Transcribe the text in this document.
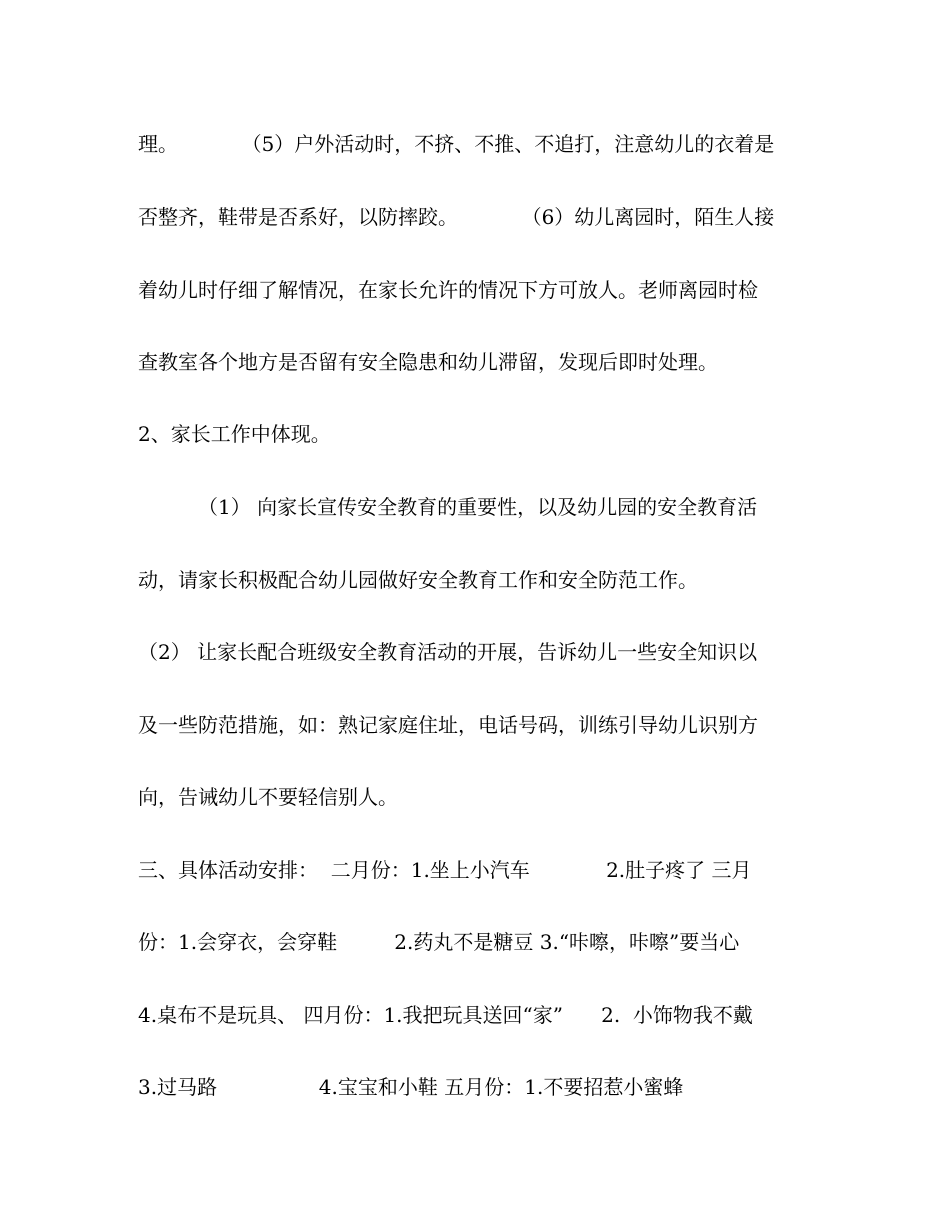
理。          （5）户外活动时，不挤、不推、不追打，注意幼儿的衣着是
否整齐，鞋带是否系好，以防摔跤。          （6）幼儿离园时，陌生人接
着幼儿时仔细了解情况，在家长允许的情况下方可放人。老师离园时检
查教室各个地方是否留有安全隐患和幼儿滞留，发现后即时处理。
2、家长工作中体现。
（1） 向家长宣传安全教育的重要性，以及幼儿园的安全教育活
动，请家长积极配合幼儿园做好安全教育工作和安全防范工作。
（2） 让家长配合班级安全教育活动的开展，告诉幼儿一些安全知识以
及一些防范措施，如：熟记家庭住址，电话号码，训练引导幼儿识别方
向，告诫幼儿不要轻信别人。
三、具体活动安排：  二月份：1.坐上小汽车            2.肚子疼了 三月
份：1.会穿衣，会穿鞋         2.药丸不是糖豆 3.“咔嚓，咔嚓”要当心
4.桌布不是玩具、 四月份：1.我把玩具送回“家”      2.  小饰物我不戴
3.过马路                4.宝宝和小鞋 五月份：1.不要招惹小蜜蜂
